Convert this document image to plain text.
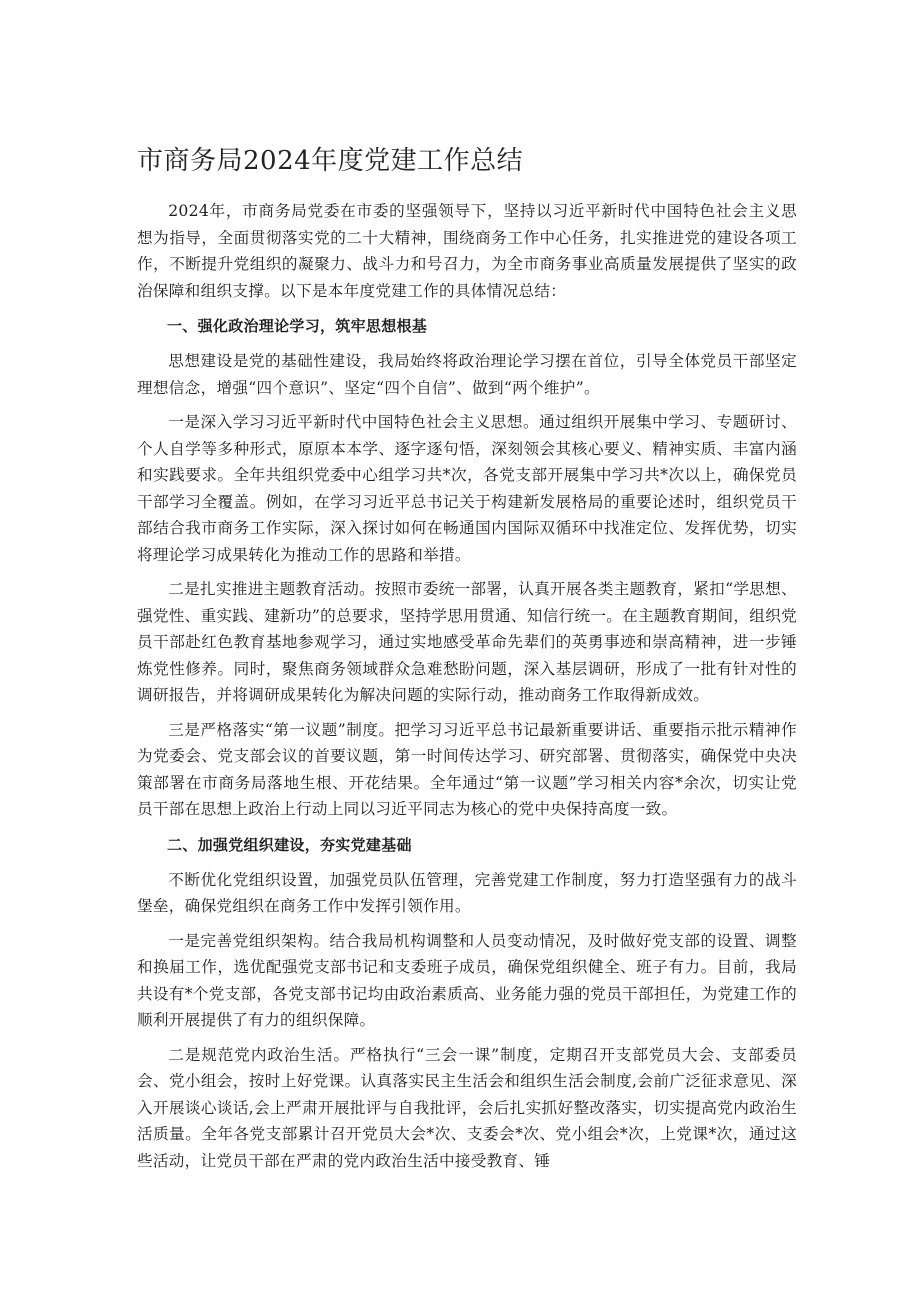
市商务局2024年度党建工作总结

2024年，市商务局党委在市委的坚强领导下，坚持以习近平新时代中国特色社会主义思想为指导，全面贯彻落实党的二十大精神，围绕商务工作中心任务，扎实推进党的建设各项工作，不断提升党组织的凝聚力、战斗力和号召力，为全市商务事业高质量发展提供了坚实的政治保障和组织支撑。以下是本年度党建工作的具体情况总结：

一、强化政治理论学习，筑牢思想根基

思想建设是党的基础性建设，我局始终将政治理论学习摆在首位，引导全体党员干部坚定理想信念，增强“四个意识”、坚定“四个自信”、做到“两个维护”。

一是深入学习习近平新时代中国特色社会主义思想。通过组织开展集中学习、专题研讨、个人自学等多种形式，原原本本学、逐字逐句悟，深刻领会其核心要义、精神实质、丰富内涵和实践要求。全年共组织党委中心组学习共*次，各党支部开展集中学习共*次以上，确保党员干部学习全覆盖。例如，在学习习近平总书记关于构建新发展格局的重要论述时，组织党员干部结合我市商务工作实际，深入探讨如何在畅通国内国际双循环中找准定位、发挥优势，切实将理论学习成果转化为推动工作的思路和举措。

二是扎实推进主题教育活动。按照市委统一部署，认真开展各类主题教育，紧扣“学思想、强党性、重实践、建新功”的总要求，坚持学思用贯通、知信行统一。在主题教育期间，组织党员干部赴红色教育基地参观学习，通过实地感受革命先辈们的英勇事迹和崇高精神，进一步锤炼党性修养。同时，聚焦商务领域群众急难愁盼问题，深入基层调研，形成了一批有针对性的调研报告，并将调研成果转化为解决问题的实际行动，推动商务工作取得新成效。

三是严格落实“第一议题”制度。把学习习近平总书记最新重要讲话、重要指示批示精神作为党委会、党支部会议的首要议题，第一时间传达学习、研究部署、贯彻落实，确保党中央决策部署在市商务局落地生根、开花结果。全年通过“第一议题”学习相关内容*余次，切实让党员干部在思想上政治上行动上同以习近平同志为核心的党中央保持高度一致。

二、加强党组织建设，夯实党建基础

不断优化党组织设置，加强党员队伍管理，完善党建工作制度，努力打造坚强有力的战斗堡垒，确保党组织在商务工作中发挥引领作用。

一是完善党组织架构。结合我局机构调整和人员变动情况，及时做好党支部的设置、调整和换届工作，选优配强党支部书记和支委班子成员，确保党组织健全、班子有力。目前，我局共设有*个党支部，各党支部书记均由政治素质高、业务能力强的党员干部担任，为党建工作的顺利开展提供了有力的组织保障。

二是规范党内政治生活。严格执行“三会一课”制度，定期召开支部党员大会、支部委员会、党小组会，按时上好党课。认真落实民主生活会和组织生活会制度,会前广泛征求意见、深入开展谈心谈话,会上严肃开展批评与自我批评，会后扎实抓好整改落实，切实提高党内政治生活质量。全年各党支部累计召开党员大会*次、支委会*次、党小组会*次，上党课*次，通过这些活动，让党员干部在严肃的党内政治生活中接受教育、锤
